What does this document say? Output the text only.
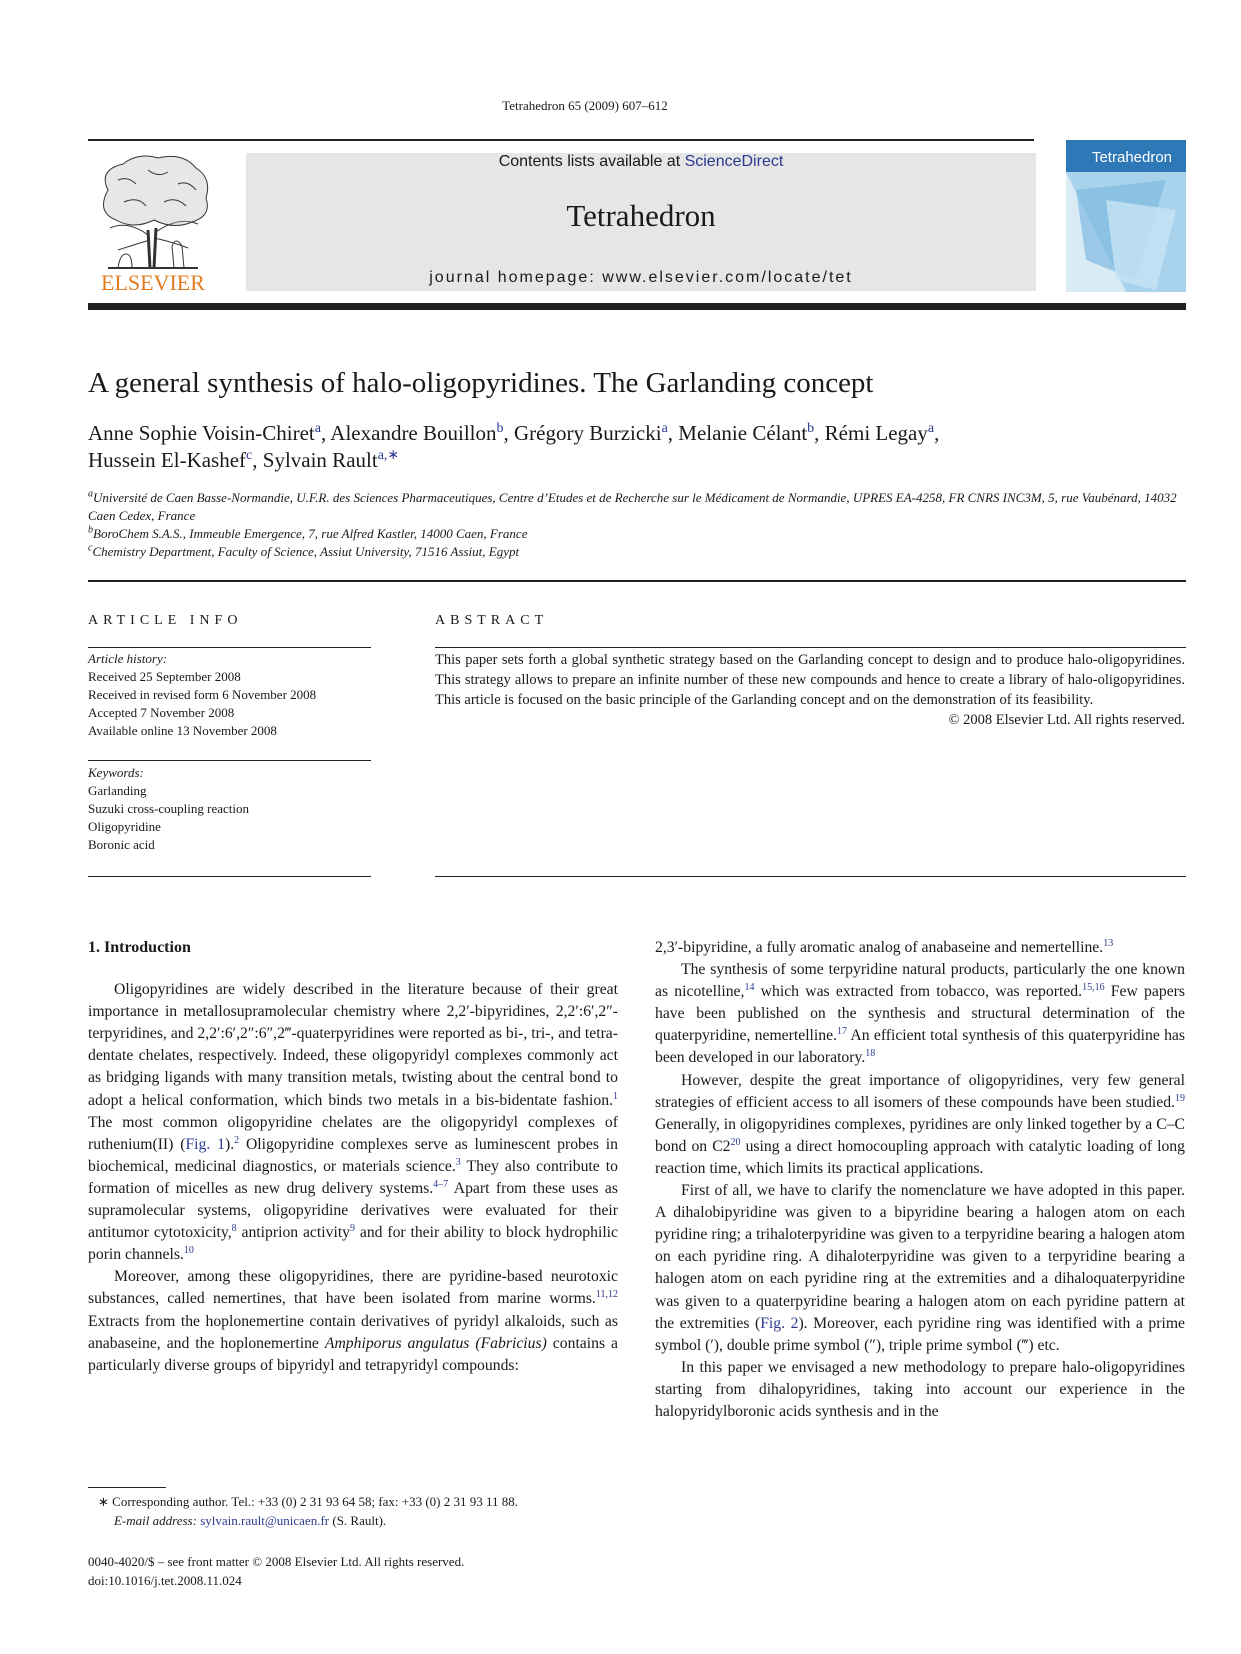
Tetrahedron 65 (2009) 607–612
ELSEVIER
Contents lists available at ScienceDirect
Tetrahedron
journal homepage: www.elsevier.com/locate/tet
Tetrahedron
A general synthesis of halo-oligopyridines. The Garlanding concept
Anne Sophie Voisin-Chiret$^a$, Alexandre Bouillon$^b$, Grégory Burzicki$^a$, Melanie Célant$^b$, Rémi Legay$^a$,
Hussein El-Kashef$^c$, Sylvain Rault$^{a,∗}$
$^a$Université de Caen Basse-Normandie, U.F.R. des Sciences Pharmaceutiques, Centre d’Etudes et de Recherche sur le Médicament de Normandie, UPRES EA-4258, FR CNRS INC3M, 5, rue Vaubénard, 14032 Caen Cedex, France
$^b$BoroChem S.A.S., Immeuble Emergence, 7, rue Alfred Kastler, 14000 Caen, France
$^c$Chemistry Department, Faculty of Science, Assiut University, 71516 Assiut, Egypt
ARTICLE INFO
Article history:
Received 25 September 2008
Received in revised form 6 November 2008
Accepted 7 November 2008
Available online 13 November 2008
Keywords:
Garlanding
Suzuki cross-coupling reaction
Oligopyridine
Boronic acid
ABSTRACT
This paper sets forth a global synthetic strategy based on the Garlanding concept to design and to produce halo-oligopyridines. This strategy allows to prepare an infinite number of these new compounds and hence to create a library of halo-oligopyridines. This article is focused on the basic principle of the Garlanding concept and on the demonstration of its feasibility.
© 2008 Elsevier Ltd. All rights reserved.
1. Introduction

Oligopyridines are widely described in the literature because of their great importance in metallosupramolecular chemistry where 2,2′-bipyridines, 2,2′:6′,2″-terpyridines, and 2,2′:6′,2″:6″,2‴-quaterpyridines were reported as bi-, tri-, and tetra-dentate chelates, respectively. Indeed, these oligopyridyl complexes commonly act as bridging ligands with many transition metals, twisting about the central bond to adopt a helical conformation, which binds two metals in a bis-bidentate fashion.$^1$ The most common oligopyridine chelates are the oligopyridyl complexes of ruthenium(II) (Fig. 1).$^2$ Oligopyridine complexes serve as luminescent probes in biochemical, medicinal diagnostics, or materials science.$^3$ They also contribute to formation of micelles as new drug delivery systems.$^{4-7}$ Apart from these uses as supramolecular systems, oligopyridine derivatives were evaluated for their antitumor cytotoxicity,$^8$ antiprion activity$^9$ and for their ability to block hydrophilic porin channels.$^{10}$

Moreover, among these oligopyridines, there are pyridine-based neurotoxic substances, called nemertines, that have been isolated from marine worms.$^{11,12}$ Extracts from the hoplonemertine contain derivatives of pyridyl alkaloids, such as anabaseine, and the hoplonemertine Amphiporus angulatus (Fabricius) contains a particularly diverse groups of bipyridyl and tetrapyridyl compounds:

2,3′-bipyridine, a fully aromatic analog of anabaseine and nemertelline.$^{13}$

The synthesis of some terpyridine natural products, particularly the one known as nicotelline,$^{14}$ which was extracted from tobacco, was reported.$^{15,16}$ Few papers have been published on the synthesis and structural determination of the quaterpyridine, nemertelline.$^{17}$ An efficient total synthesis of this quaterpyridine has been developed in our laboratory.$^{18}$

However, despite the great importance of oligopyridines, very few general strategies of efficient access to all isomers of these compounds have been studied.$^{19}$ Generally, in oligopyridines complexes, pyridines are only linked together by a C–C bond on $C2^{20}$ using a direct homocoupling approach with catalytic loading of long reaction time, which limits its practical applications.

First of all, we have to clarify the nomenclature we have adopted in this paper. A dihalobipyridine was given to a bipyridine bearing a halogen atom on each pyridine ring; a trihaloterpyridine was given to a terpyridine bearing a halogen atom on each pyridine ring. A dihaloterpyridine was given to a terpyridine bearing a halogen atom on each pyridine ring at the extremities and a dihaloquaterpyridine was given to a quaterpyridine bearing a halogen atom on each pyridine pattern at the extremities (Fig. 2). Moreover, each pyridine ring was identified with a prime symbol (′), double prime symbol (″), triple prime symbol (‴) etc.

In this paper we envisaged a new methodology to prepare halo-oligopyridines starting from dihalopyridines, taking into account our experience in the halopyridylboronic acids synthesis and in the

∗ Corresponding author. Tel.: +33 (0) 2 31 93 64 58; fax: +33 (0) 2 31 93 11 88.
E-mail address: sylvain.rault@unicaen.fr (S. Rault).
0040-4020/$ – see front matter © 2008 Elsevier Ltd. All rights reserved.
doi:10.1016/j.tet.2008.11.024
